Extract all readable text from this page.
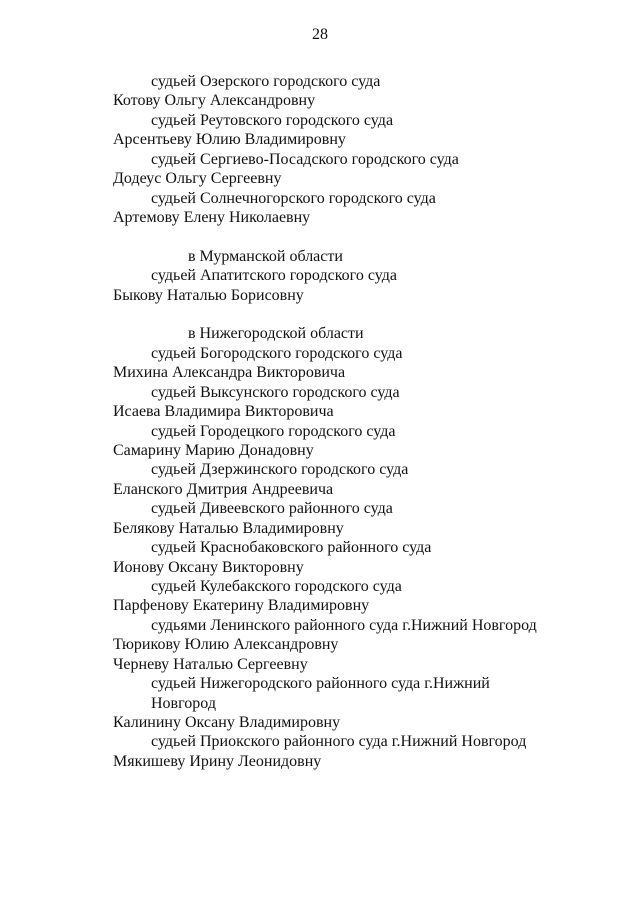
28
судьей Озерского городского суда
Котову Ольгу Александровну
судьей Реутовского городского суда
Арсентьеву Юлию Владимировну
судьей Сергиево-Посадского городского суда
Додеус Ольгу Сергеевну
судьей Солнечногорского городского суда
Артемову Елену Николаевну
в Мурманской области
судьей Апатитского городского суда
Быкову Наталью Борисовну
в Нижегородской области
судьей Богородского городского суда
Михина Александра Викторовича
судьей Выксунского городского суда
Исаева Владимира Викторовича
судьей Городецкого городского суда
Самарину Марию Донадовну
судьей Дзержинского городского суда
Еланского Дмитрия Андреевича
судьей Дивеевского районного суда
Белякову Наталью Владимировну
судьей Краснобаковского районного суда
Ионову Оксану Викторовну
судьей Кулебакского городского суда
Парфенову Екатерину Владимировну
судьями Ленинского районного суда г.Нижний Новгород
Тюрикову Юлию Александровну
Черневу Наталью Сергеевну
судьей Нижегородского районного суда г.Нижний
Новгород
Калинину Оксану Владимировну
судьей Приокского районного суда г.Нижний Новгород
Мякишеву Ирину Леонидовну
